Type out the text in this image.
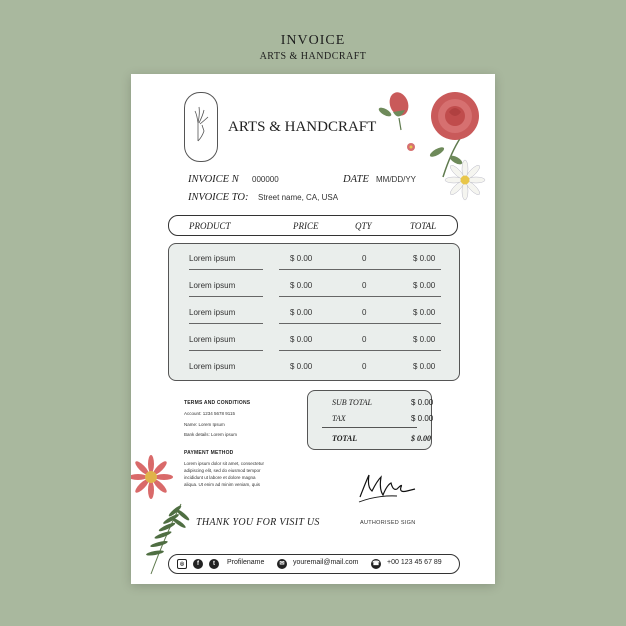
INVOICE
ARTS & HANDCRAFT
ARTS & HANDCRAFT
INVOICE N 000000	DATE MM/DD/YY
INVOICE TO: Street name, CA, USA
PRODUCT	PRICE	QTY	TOTAL
Lorem ipsum	$ 0.00	0	$ 0.00
Lorem ipsum	$ 0.00	0	$ 0.00
Lorem ipsum	$ 0.00	0	$ 0.00
Lorem ipsum	$ 0.00	0	$ 0.00
Lorem ipsum	$ 0.00	0	$ 0.00
TERMS AND CONDITIONS
Account: 1234 5678 9115
Name: Lorem Ipsum
Bank details: Lorem ipsum
PAYMENT METHOD
Lorem ipsum dolor sit amet, consectetur
adipiscing elit, sed do eiusmod tempor
incididunt ut labore et dolore magna
aliqua. Ut enim ad minim veniam, quis
SUB TOTAL	$ 0.00
TAX	$ 0.00
TOTAL	$ 0.00
AUTHORISED SIGN
THANK YOU FOR VISIT US
◎	f	t	Profilename	✉	youremail@mail.com ☎ +00 123 45 67 89
